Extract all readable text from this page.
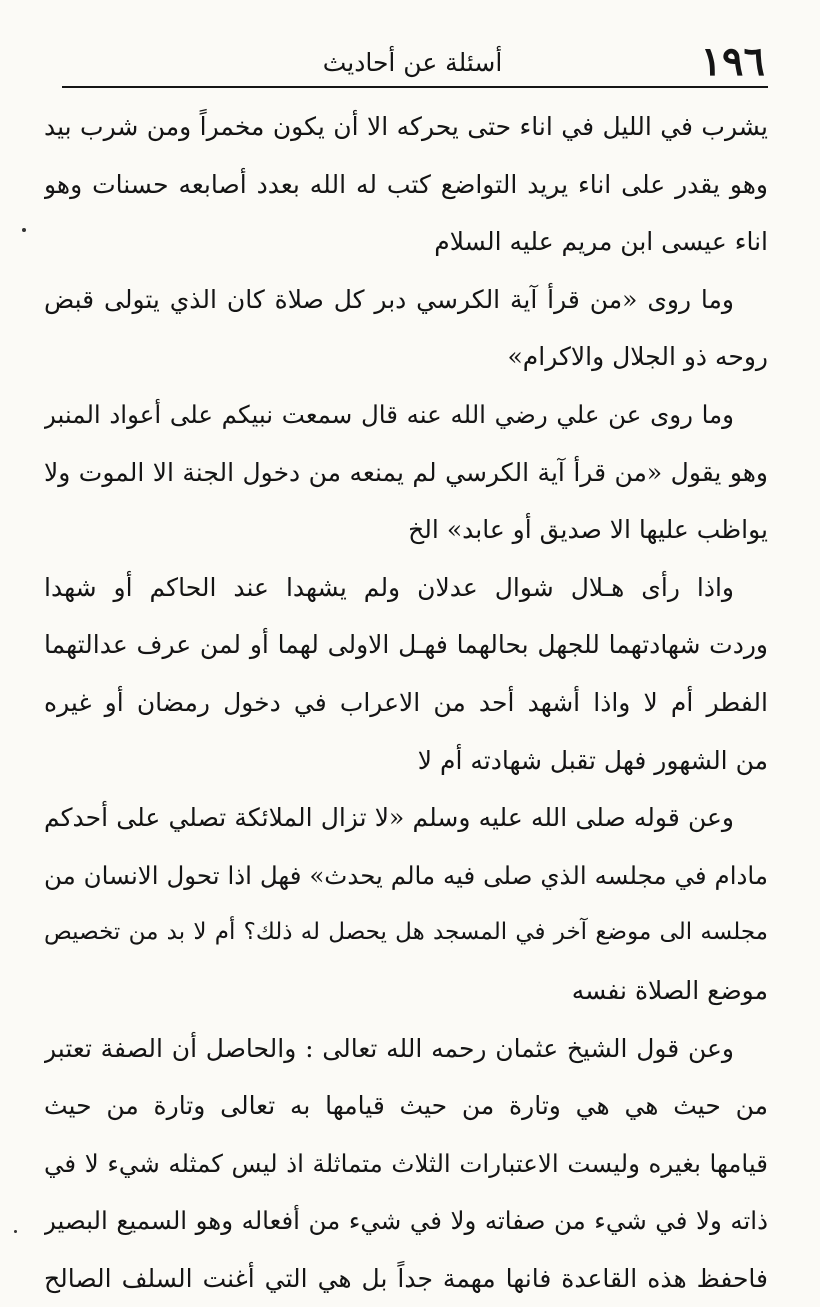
١٩٦
أسئلة عن أحاديث

يشرب في الليل في اناء حتى يحركه الا أن يكون مخمراً ومن شرب بيد
وهو يقدر على اناء يريد التواضع كتب له الله بعدد أصابعه حسنات وهو
اناء عيسى ابن مريم عليه السلام

وما روى «من قرأ آية الكرسي دبر كل صلاة كان الذي يتولى قبض
روحه ذو الجلال والاكرام»

وما روى عن علي رضي الله عنه قال سمعت نبيكم على أعواد المنبر
وهو يقول «من قرأ آية الكرسي لم يمنعه من دخول الجنة الا الموت ولا
يواظب عليها الا صديق أو عابد» الخ

واذا رأى هـلال شوال عدلان ولم يشهدا عند الحاكم أو شهدا
وردت شهادتهما للجهل بحالهما فهـل الاولى لهما أو لمن عرف عدالتهما
الفطر أم لا واذا أشهد أحد من الاعراب في دخول رمضان أو غيره
من الشهور فهل تقبل شهادته أم لا

وعن قوله صلى الله عليه وسلم «لا تزال الملائكة تصلي على أحدكم
مادام في مجلسه الذي صلى فيه مالم يحدث» فهل اذا تحول الانسان من
مجلسه الى موضع آخر في المسجد هل يحصل له ذلك؟ أم لا بد من تخصيص
موضع الصلاة نفسه

وعن قول الشيخ عثمان رحمه الله تعالى : والحاصل أن الصفة تعتبر
من حيث هي هي وتارة من حيث قيامها به تعالى وتارة من حيث
قيامها بغيره وليست الاعتبارات الثلاث متماثلة اذ ليس كمثله شيء لا في
ذاته ولا في شيء من صفاته ولا في شيء من أفعاله وهو السميع البصير
فاحفظ هذه القاعدة فانها مهمة جداً بل هي التي أغنت السلف الصالح
